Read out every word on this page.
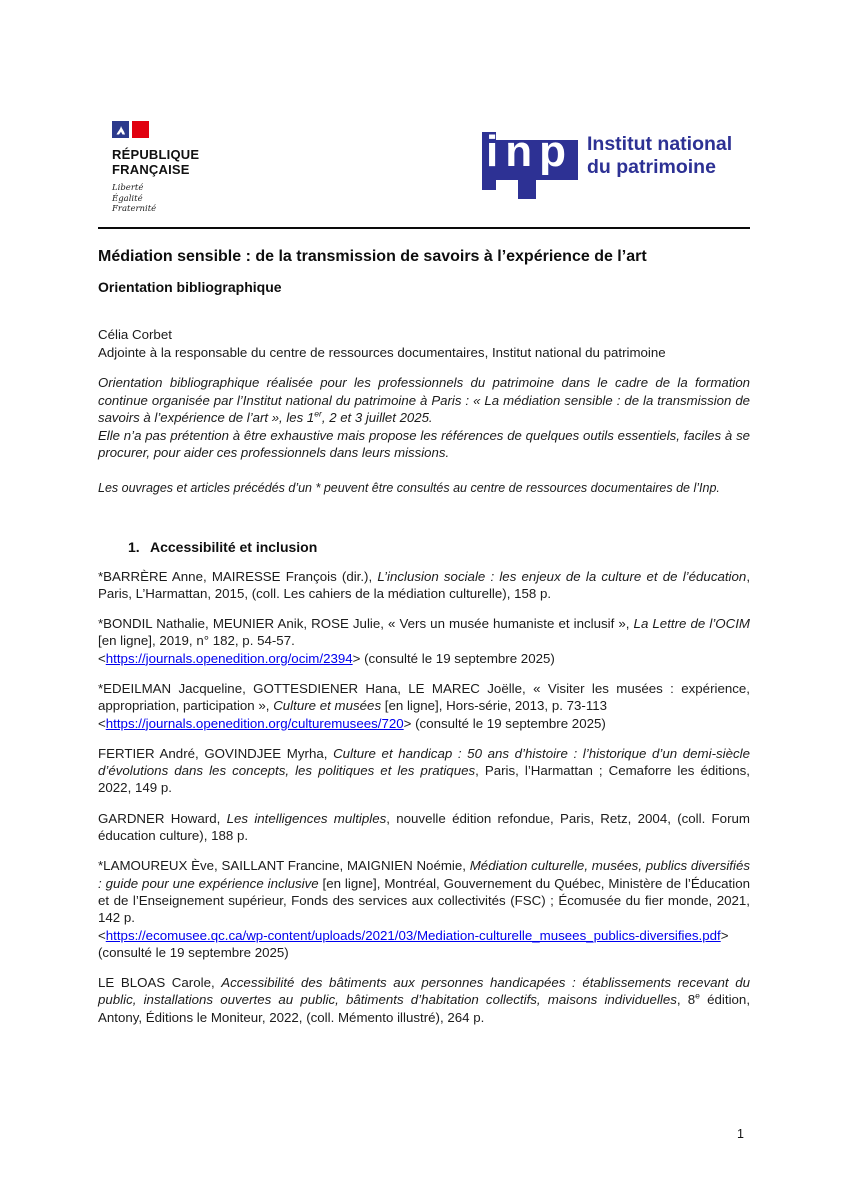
RÉPUBLIQUE
FRANÇAISE
Liberté
Égalité
Fraternité
inp Institut national
du patrimoine
Médiation sensible : de la transmission de savoirs à l’expérience de l’art
Orientation bibliographique
Célia Corbet
Adjointe à la responsable du centre de ressources documentaires, Institut national du patrimoine

Orientation bibliographique réalisée pour les professionnels du patrimoine dans le cadre de la formation continue organisée par l’Institut national du patrimoine à Paris : « La médiation sensible : de la transmission de savoirs à l’expérience de l’art », les 1er, 2 et 3 juillet 2025.
Elle n’a pas prétention à être exhaustive mais propose les références de quelques outils essentiels, faciles à se procurer, pour aider ces professionnels dans leurs missions.

Les ouvrages et articles précédés d’un * peuvent être consultés au centre de ressources documentaires de l’Inp.
1. Accessibilité et inclusion

*BARRÈRE Anne, MAIRESSE François (dir.), L’inclusion sociale : les enjeux de la culture et de l’éducation, Paris, L’Harmattan, 2015, (coll. Les cahiers de la médiation culturelle), 158 p.

*BONDIL Nathalie, MEUNIER Anik, ROSE Julie, « Vers un musée humaniste et inclusif », La Lettre de l’OCIM [en ligne], 2019, n° 182, p. 54-57.
<https://journals.openedition.org/ocim/2394> (consulté le 19 septembre 2025)

*EDEILMAN Jacqueline, GOTTESDIENER Hana, LE MAREC Joëlle, « Visiter les musées : expérience, appropriation, participation », Culture et musées [en ligne], Hors-série, 2013, p. 73-113
<https://journals.openedition.org/culturemusees/720> (consulté le 19 septembre 2025)

FERTIER André, GOVINDJEE Myrha, Culture et handicap : 50 ans d’histoire : l’historique d’un demi-siècle d’évolutions dans les concepts, les politiques et les pratiques, Paris, l’Harmattan ; Cemaforre les éditions, 2022, 149 p.

GARDNER Howard, Les intelligences multiples, nouvelle édition refondue, Paris, Retz, 2004, (coll. Forum éducation culture), 188 p.

*LAMOUREUX Ève, SAILLANT Francine, MAIGNIEN Noémie, Médiation culturelle, musées, publics diversifiés : guide pour une expérience inclusive [en ligne], Montréal, Gouvernement du Québec, Ministère de l’Éducation et de l’Enseignement supérieur, Fonds des services aux collectivités (FSC) ; Écomusée du fier monde, 2021, 142 p.
<https://ecomusee.qc.ca/wp-content/uploads/2021/03/Mediation-culturelle_musees_publics-diversifies.pdf> (consulté le 19 septembre 2025)

LE BLOAS Carole, Accessibilité des bâtiments aux personnes handicapées : établissements recevant du public, installations ouvertes au public, bâtiments d’habitation collectifs, maisons individuelles, 8e édition, Antony, Éditions le Moniteur, 2022, (coll. Mémento illustré), 264 p.

1
